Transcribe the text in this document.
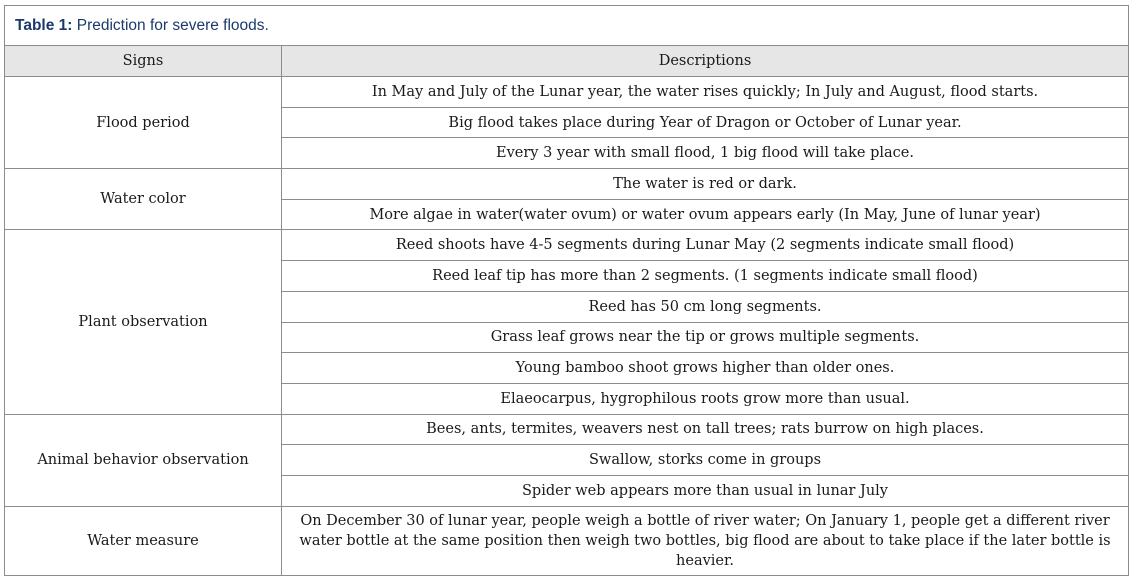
Table 1: Prediction for severe floods.
Signs	Descriptions
Flood period	In May and July of the Lunar year, the water rises quickly; In July and August, flood starts.
	Big flood takes place during Year of Dragon or October of Lunar year.
	Every 3 year with small flood, 1 big flood will take place.
Water color	The water is red or dark.
	More algae in water(water ovum) or water ovum appears early (In May, June of lunar year)
Plant observation	Reed shoots have 4-5 segments during Lunar May (2 segments indicate small flood)
	Reed leaf tip has more than 2 segments. (1 segments indicate small flood)
	Reed has 50 cm long segments.
	Grass leaf grows near the tip or grows multiple segments.
	Young bamboo shoot grows higher than older ones.
	Elaeocarpus, hygrophilous roots grow more than usual.
Animal behavior observation	Bees, ants, termites, weavers nest on tall trees; rats burrow on high places.
	Swallow, storks come in groups
	Spider web appears more than usual in lunar July
Water measure	On December 30 of lunar year, people weigh a bottle of river water; On January 1, people get a different river water bottle at the same position then weigh two bottles, big flood are about to take place if the later bottle is heavier.
